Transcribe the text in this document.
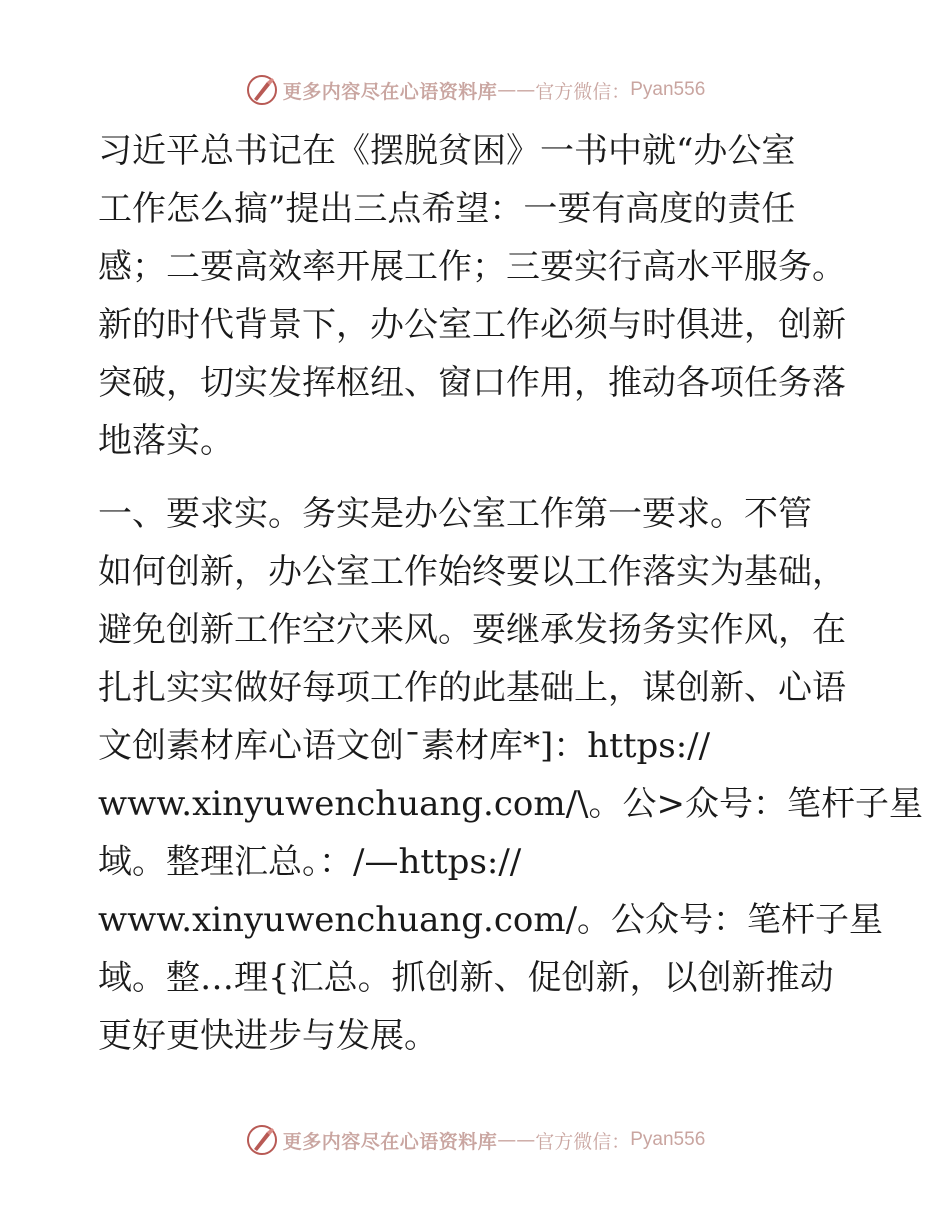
更多内容尽在心语资料库 —— 官方微信： Pyan556
习近平总书记在《摆脱贫困》一书中就“办公室
工作怎么搞”提出三点希望：一要有高度的责任
感；二要高效率开展工作；三要实行高水平服务。
新的时代背景下，办公室工作必须与时俱进，创新
突破，切实发挥枢纽、窗口作用，推动各项任务落
地落实。
一、要求实。务实是办公室工作第一要求。不管
如何创新，办公室工作始终要以工作落实为基础，
避免创新工作空穴来风。要继承发扬务实作风，在
扎扎实实做好每项工作的此基础上，谋创新、心语
文创素材库心语文创¯素材库*]：https://
www.xinyuwenchuang.com/\。公>众号：笔杆子星
域。整理汇总。：/—https://
www.xinyuwenchuang.com/。公众号：笔杆子星
域。整…理{汇总。抓创新、促创新，以创新推动
更好更快进步与发展。
更多内容尽在心语资料库 —— 官方微信： Pyan556
